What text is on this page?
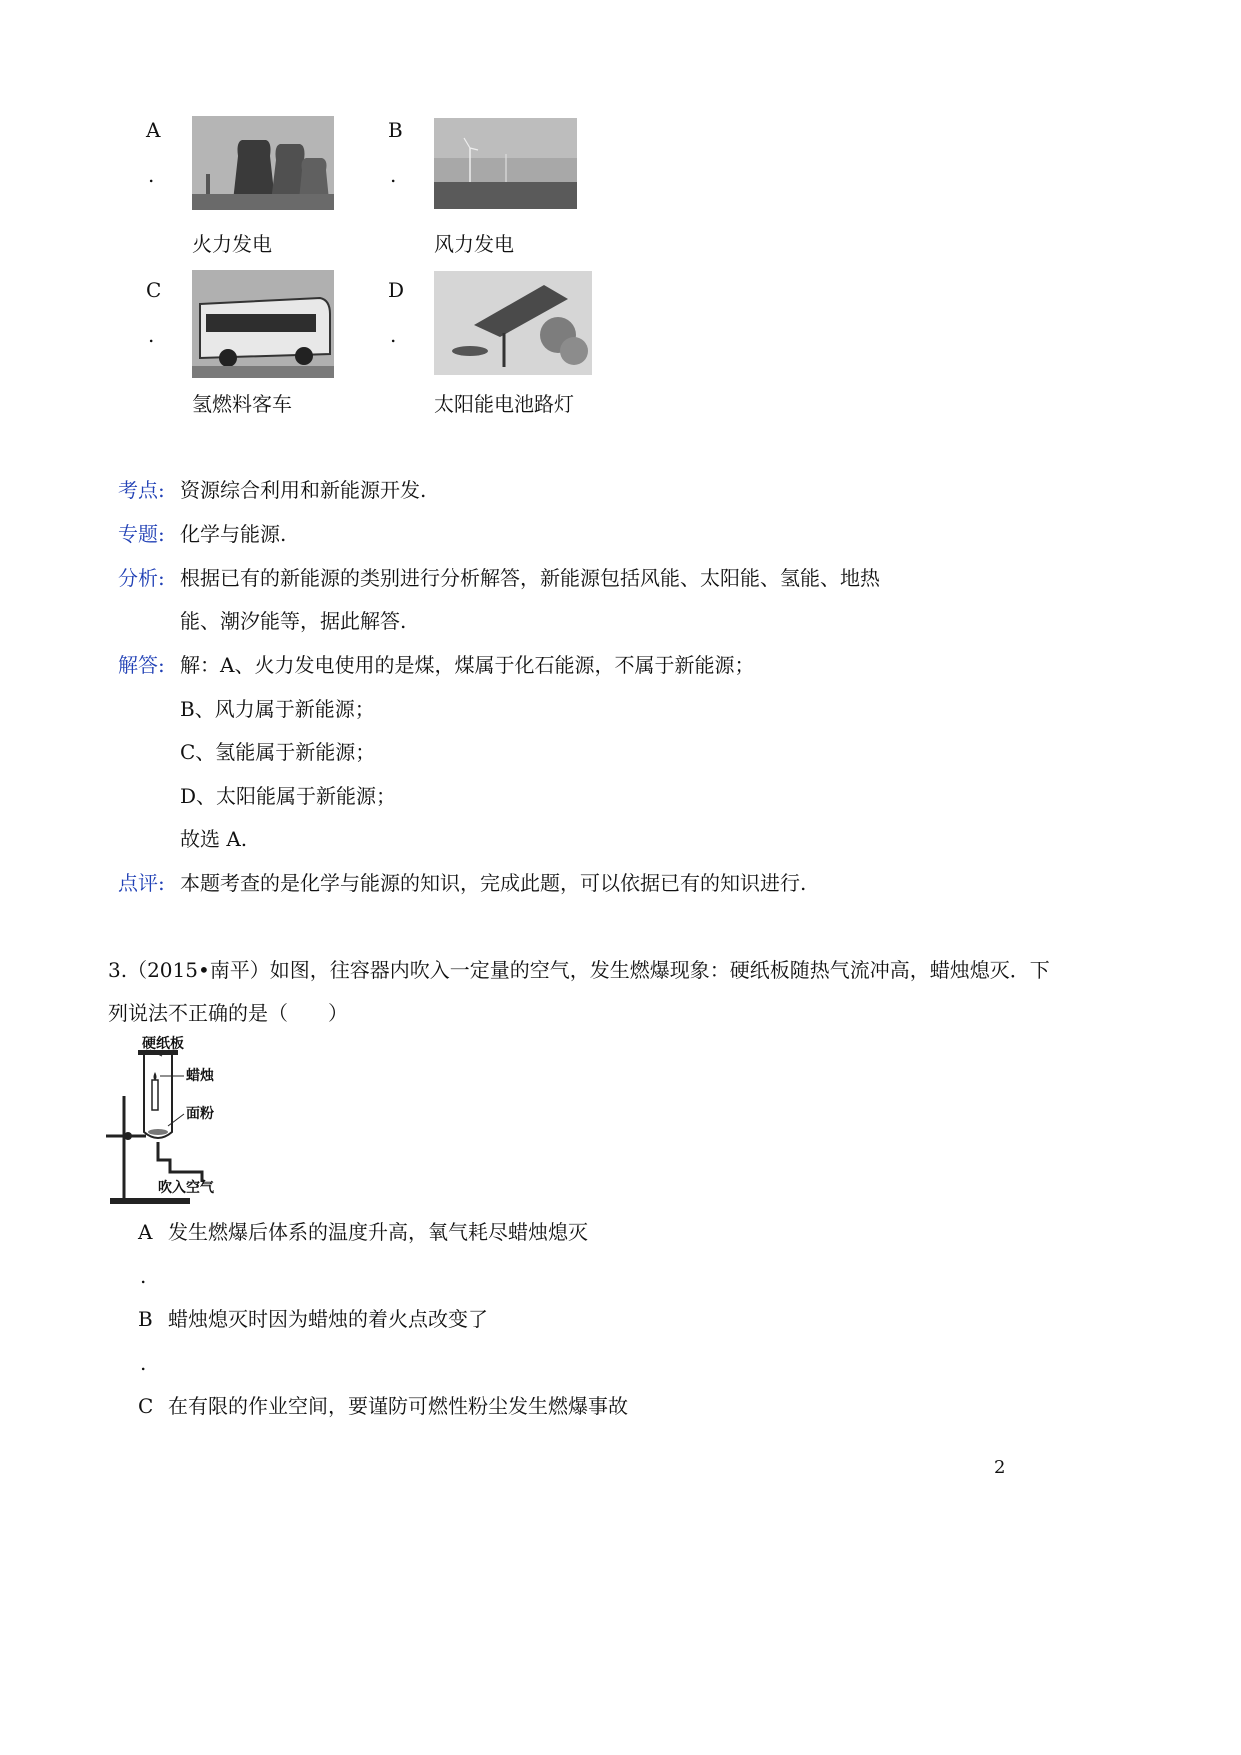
A
.
火力发电
B
.
风力发电
C
.
氢燃料客车
D
.
太阳能电池路灯
考点: 资源综合利用和新能源开发.
专题: 化学与能源.
分析: 根据已有的新能源的类别进行分析解答，新能源包括风能、太阳能、氢能、地热
能、潮汐能等，据此解答.
解答: 解：A、火力发电使用的是煤，煤属于化石能源，不属于新能源；
B、风力属于新能源；
C、氢能属于新能源；
D、太阳能属于新能源；
故选 A.
点评: 本题考查的是化学与能源的知识，完成此题，可以依据已有的知识进行.
3.（2015•南平）如图，往容器内吹入一定量的空气，发生燃爆现象：硬纸板随热气流冲高，蜡烛熄灭．下
列说法不正确的是（　　）
硬纸板
蜡烛
面粉
吹入空气
A 发生燃爆后体系的温度升高，氧气耗尽蜡烛熄灭
.
B 蜡烛熄灭时因为蜡烛的着火点改变了
.
C 在有限的作业空间，要谨防可燃性粉尘发生燃爆事故
2
